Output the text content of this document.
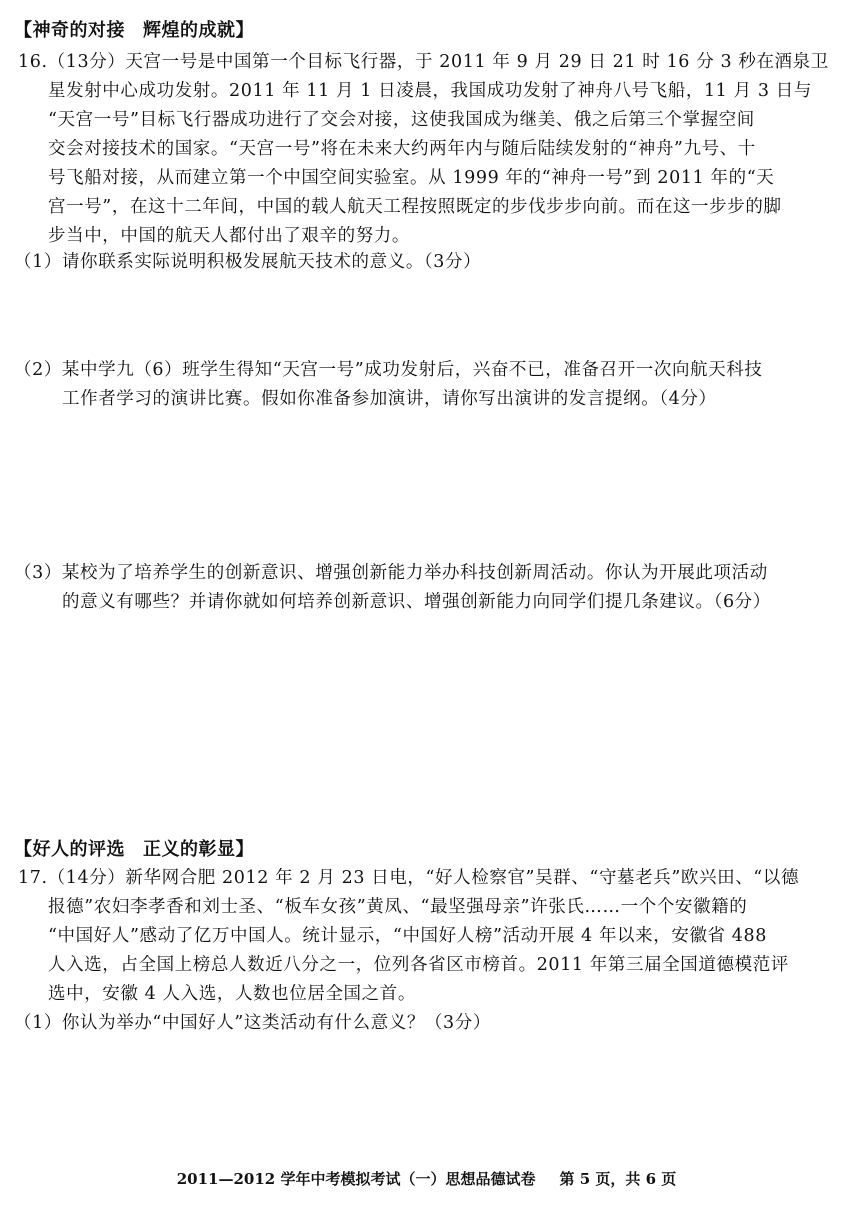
【神奇的对接 辉煌的成就】
16.（13分）天宫一号是中国第一个目标飞行器，于 2011 年 9 月 29 日 21 时 16 分 3 秒在酒泉卫
星发射中心成功发射。2011 年 11 月 1 日凌晨，我国成功发射了神舟八号飞船，11 月 3 日与
“天宫一号”目标飞行器成功进行了交会对接，这使我国成为继美、俄之后第三个掌握空间
交会对接技术的国家。“天宫一号”将在未来大约两年内与随后陆续发射的“神舟”九号、十
号飞船对接，从而建立第一个中国空间实验室。从 1999 年的“神舟一号”到 2011 年的“天
宫一号”，在这十二年间，中国的载人航天工程按照既定的步伐步步向前。而在这一步步的脚
步当中，中国的航天人都付出了艰辛的努力。
（1）请你联系实际说明积极发展航天技术的意义。（3分）
（2）某中学九（6）班学生得知“天宫一号”成功发射后，兴奋不已，准备召开一次向航天科技
工作者学习的演讲比赛。假如你准备参加演讲，请你写出演讲的发言提纲。（4分）
（3）某校为了培养学生的创新意识、增强创新能力举办科技创新周活动。你认为开展此项活动
的意义有哪些？并请你就如何培养创新意识、增强创新能力向同学们提几条建议。（6分）
【好人的评选 正义的彰显】
17.（14分）新华网合肥 2012 年 2 月 23 日电，“好人检察官”吴群、“守墓老兵”欧兴田、“以德
报德”农妇李孝香和刘士圣、“板车女孩”黄凤、“最坚强母亲”许张氏……一个个安徽籍的
“中国好人”感动了亿万中国人。统计显示，“中国好人榜”活动开展 4 年以来，安徽省 488
人入选，占全国上榜总人数近八分之一，位列各省区市榜首。2011 年第三届全国道德模范评
选中，安徽 4 人入选，人数也位居全国之首。
（1）你认为举办“中国好人”这类活动有什么意义？（3分）
2011—2012 学年中考模拟考试（一）思想品德试卷 第 5 页，共 6 页
